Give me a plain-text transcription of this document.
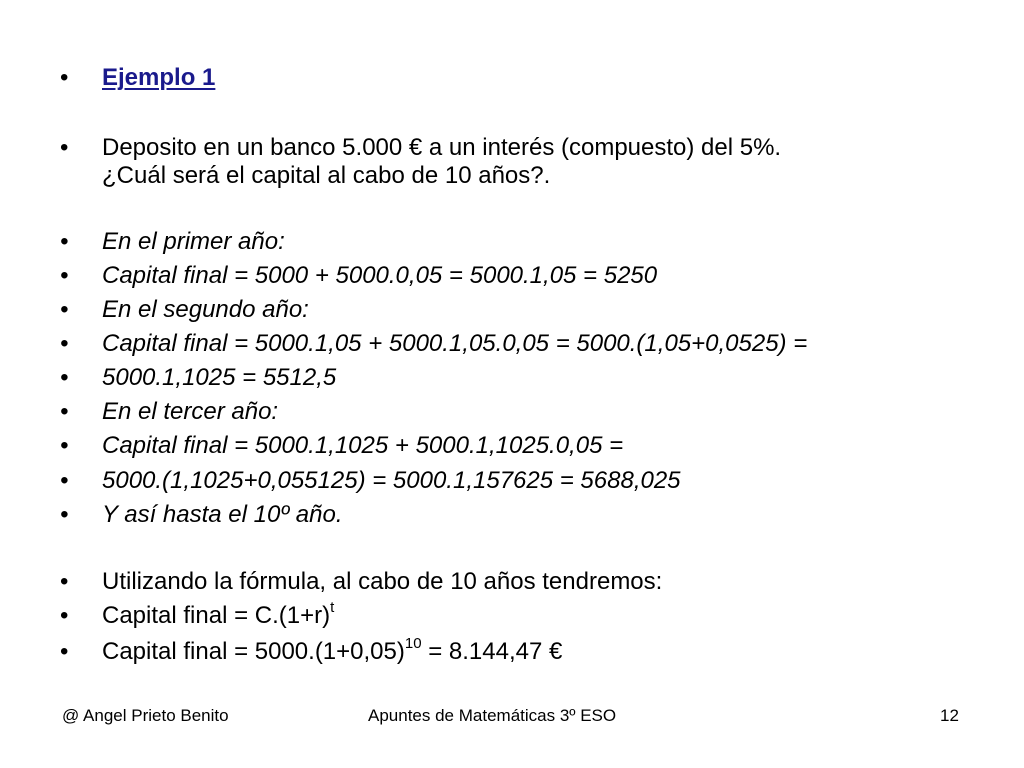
•	Ejemplo 1
•	Deposito en un banco 5.000 € a un interés (compuesto) del 5%.
¿Cuál será el capital al cabo de 10 años?.
•	En el primer año:
•	Capital final = 5000 + 5000.0,05 = 5000.1,05 = 5250
•	En el segundo año:
•	Capital final = 5000.1,05 + 5000.1,05.0,05 = 5000.(1,05+0,0525) =
•	5000.1,1025 = 5512,5
•	En el tercer año:
•	Capital final = 5000.1,1025 + 5000.1,1025.0,05 =
•	5000.(1,1025+0,055125) = 5000.1,157625 = 5688,025
•	Y así hasta el 10º año.
•	Utilizando la fórmula, al cabo de 10 años tendremos:
•	Capital final = $C.(1+r)^t$
•	Capital final = $5000.(1+0,05)^{10} = 8.144,47$ €
@ Angel Prieto Benito	Apuntes de Matemáticas 3º ESO	12
